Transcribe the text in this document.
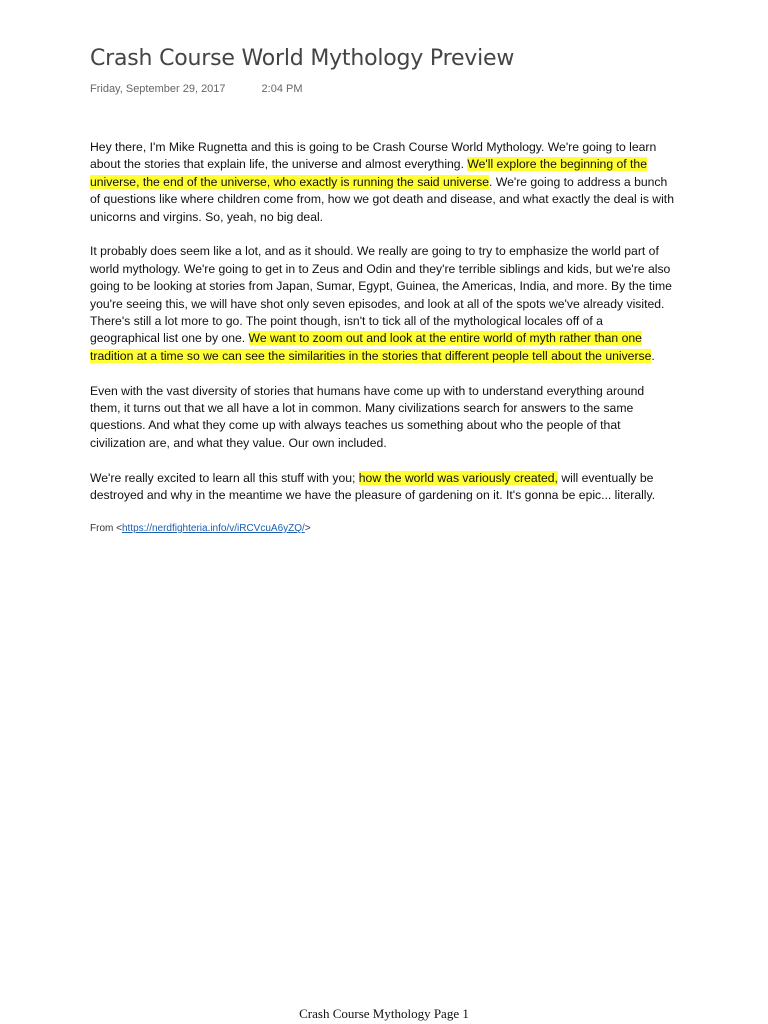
Crash Course World Mythology Preview
Friday, September 29, 2017	2:04 PM

Hey there, I'm Mike Rugnetta and this is going to be Crash Course World Mythology. We're going to learn about the stories that explain life, the universe and almost everything. We'll explore the beginning of the universe, the end of the universe, who exactly is running the said universe. We're going to address a bunch of questions like where children come from, how we got death and disease, and what exactly the deal is with unicorns and virgins. So, yeah, no big deal.

It probably does seem like a lot, and as it should. We really are going to try to emphasize the world part of world mythology. We're going to get in to Zeus and Odin and they're terrible siblings and kids, but we're also going to be looking at stories from Japan, Sumar, Egypt, Guinea, the Americas, India, and more. By the time you're seeing this, we will have shot only seven episodes, and look at all of the spots we've already visited. There's still a lot more to go. The point though, isn't to tick all of the mythological locales off of a geographical list one by one. We want to zoom out and look at the entire world of myth rather than one tradition at a time so we can see the similarities in the stories that different people tell about the universe.

Even with the vast diversity of stories that humans have come up with to understand everything around them, it turns out that we all have a lot in common. Many civilizations search for answers to the same questions. And what they come up with always teaches us something about who the people of that civilization are, and what they value. Our own included.

We're really excited to learn all this stuff with you; how the world was variously created, will eventually be destroyed and why in the meantime we have the pleasure of gardening on it. It's gonna be epic... literally.

From <https://nerdfighteria.info/v/iRCVcuA6yZQ/>
Crash Course Mythology Page 1
